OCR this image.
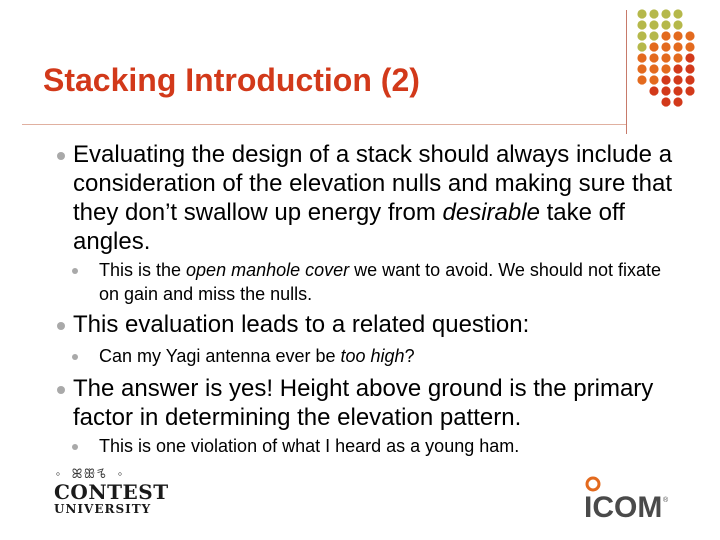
Stacking Introduction (2)
Evaluating the design of a stack should always include a consideration of the elevation nulls and making sure that they don’t swallow up energy from desirable take off angles.
This is the open manhole cover we want to avoid. We should not fixate on gain and miss the nulls.
This evaluation leads to a related question:
Can my Yagi antenna ever be too high?
The answer is yes! Height above ground is the primary factor in determining the elevation pattern.
This is one violation of what I heard as a young ham.
◦ ꕤꕥꕦ ◦
CONTEST
UNIVERSITY	ICOM ®
